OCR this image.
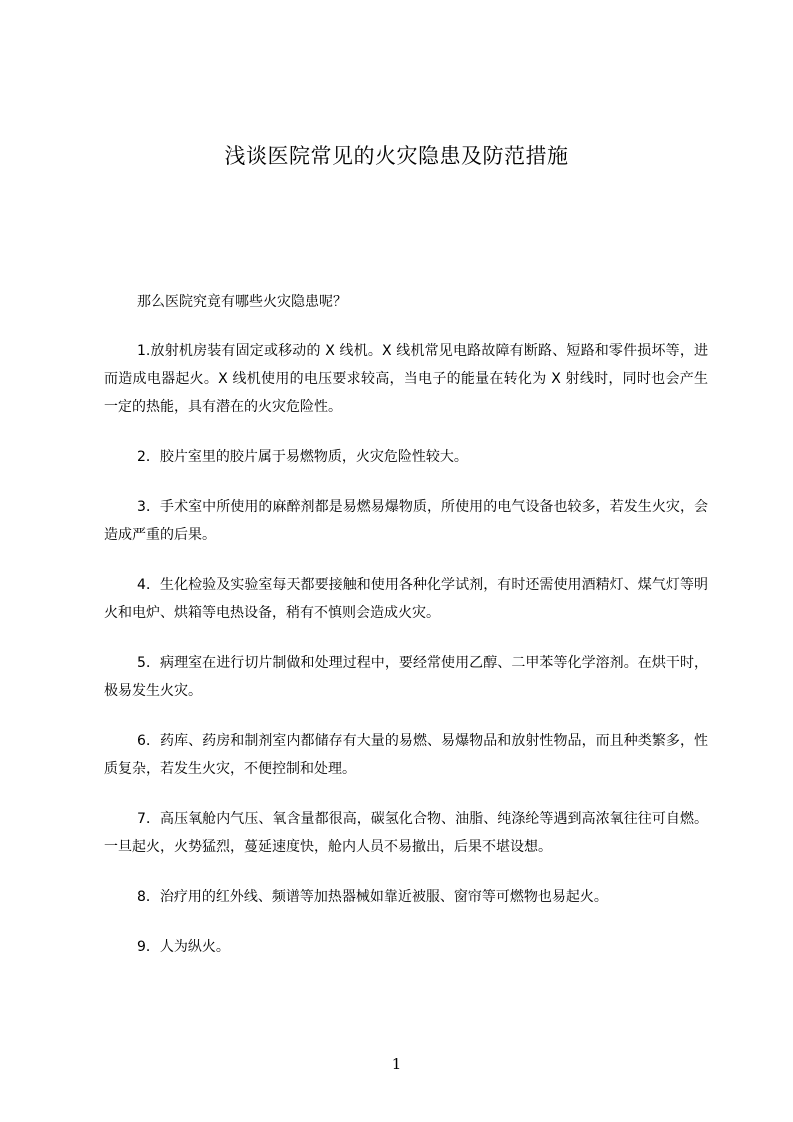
浅谈医院常见的火灾隐患及防范措施

那么医院究竟有哪些火灾隐患呢？

1.放射机房装有固定或移动的 X 线机。X 线机常见电路故障有断路、短路和零件损坏等，进而造成电器起火。X 线机使用的电压要求较高，当电子的能量在转化为 X 射线时，同时也会产生一定的热能，具有潜在的火灾危险性。

2．胶片室里的胶片属于易燃物质，火灾危险性较大。

3．手术室中所使用的麻醉剂都是易燃易爆物质，所使用的电气设备也较多，若发生火灾，会造成严重的后果。

4．生化检验及实验室每天都要接触和使用各种化学试剂，有时还需使用酒精灯、煤气灯等明火和电炉、烘箱等电热设备，稍有不慎则会造成火灾。

5．病理室在进行切片制做和处理过程中，要经常使用乙醇、二甲苯等化学溶剂。在烘干时，极易发生火灾。

6．药库、药房和制剂室内都储存有大量的易燃、易爆物品和放射性物品，而且种类繁多，性质复杂，若发生火灾，不便控制和处理。

7．高压氧舱内气压、氧含量都很高，碳氢化合物、油脂、纯涤纶等遇到高浓氧往往可自燃。一旦起火，火势猛烈，蔓延速度快，舱内人员不易撤出，后果不堪设想。

8．治疗用的红外线、频谱等加热器械如靠近被服、窗帘等可燃物也易起火。

9．人为纵火。

1
